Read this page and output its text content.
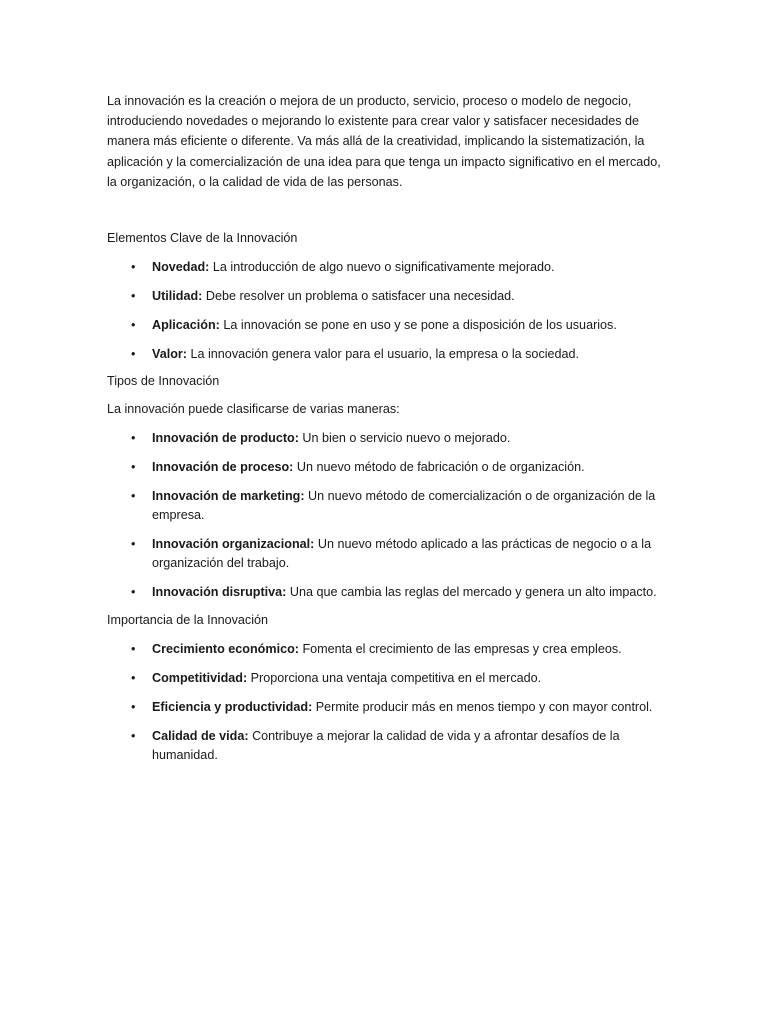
La innovación es la creación o mejora de un producto, servicio, proceso o modelo de negocio, introduciendo novedades o mejorando lo existente para crear valor y satisfacer necesidades de manera más eficiente o diferente. Va más allá de la creatividad, implicando la sistematización, la aplicación y la comercialización de una idea para que tenga un impacto significativo en el mercado, la organización, o la calidad de vida de las personas.

Elementos Clave de la Innovación

• Novedad: La introducción de algo nuevo o significativamente mejorado.
• Utilidad: Debe resolver un problema o satisfacer una necesidad.
• Aplicación: La innovación se pone en uso y se pone a disposición de los usuarios.
• Valor: La innovación genera valor para el usuario, la empresa o la sociedad.

Tipos de Innovación

La innovación puede clasificarse de varias maneras:

• Innovación de producto: Un bien o servicio nuevo o mejorado.
• Innovación de proceso: Un nuevo método de fabricación o de organización.
• Innovación de marketing: Un nuevo método de comercialización o de organización de la empresa.
• Innovación organizacional: Un nuevo método aplicado a las prácticas de negocio o a la organización del trabajo.
• Innovación disruptiva: Una que cambia las reglas del mercado y genera un alto impacto.

Importancia de la Innovación

• Crecimiento económico: Fomenta el crecimiento de las empresas y crea empleos.
• Competitividad: Proporciona una ventaja competitiva en el mercado.
• Eficiencia y productividad: Permite producir más en menos tiempo y con mayor control.
• Calidad de vida: Contribuye a mejorar la calidad de vida y a afrontar desafíos de la humanidad.
